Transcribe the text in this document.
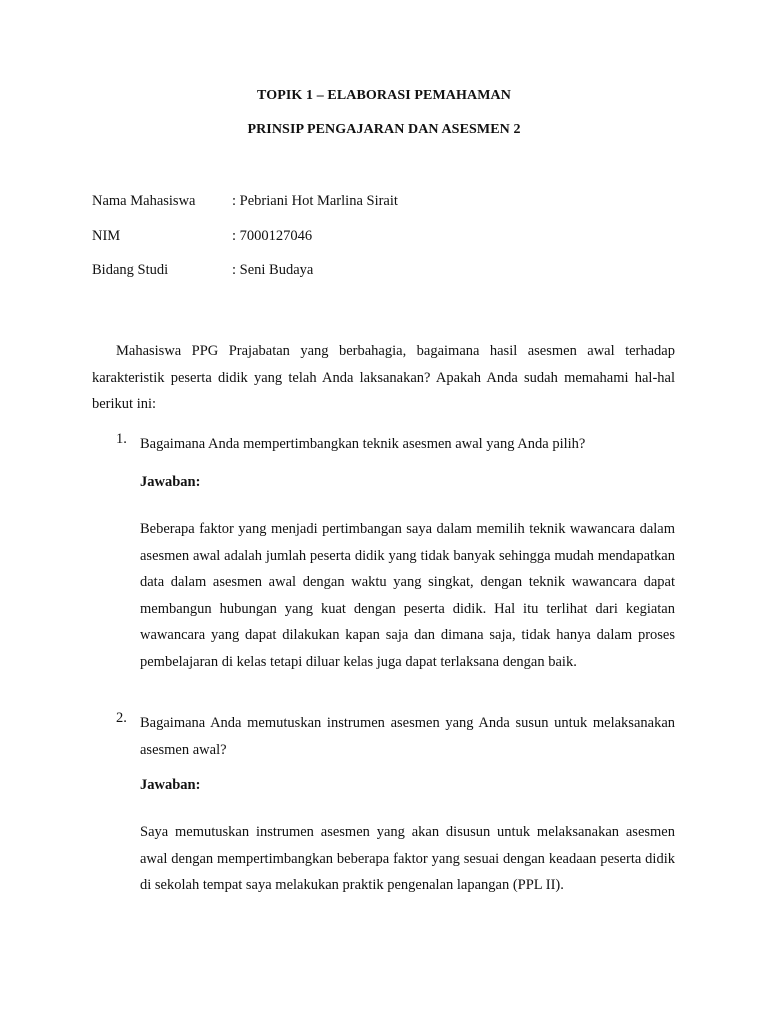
TOPIK 1 – ELABORASI PEMAHAMAN
PRINSIP PENGAJARAN DAN ASESMEN 2
Nama Mahasiswa	: Pebriani Hot Marlina Sirait
NIM	: 7000127046
Bidang Studi	: Seni Budaya

Mahasiswa PPG Prajabatan yang berbahagia, bagaimana hasil asesmen awal terhadap karakteristik peserta didik yang telah Anda laksanakan? Apakah Anda sudah memahami hal-hal berikut ini:

1. Bagaimana Anda mempertimbangkan teknik asesmen awal yang Anda pilih?

Jawaban:

Beberapa faktor yang menjadi pertimbangan saya dalam memilih teknik wawancara dalam asesmen awal adalah jumlah peserta didik yang tidak banyak sehingga mudah mendapatkan data dalam asesmen awal dengan waktu yang singkat, dengan teknik wawancara dapat membangun hubungan yang kuat dengan peserta didik. Hal itu terlihat dari kegiatan wawancara yang dapat dilakukan kapan saja dan dimana saja, tidak hanya dalam proses pembelajaran di kelas tetapi diluar kelas juga dapat terlaksana dengan baik.

2. Bagaimana Anda memutuskan instrumen asesmen yang Anda susun untuk melaksanakan asesmen awal?

Jawaban:

Saya memutuskan instrumen asesmen yang akan disusun untuk melaksanakan asesmen awal dengan mempertimbangkan beberapa faktor yang sesuai dengan keadaan peserta didik di sekolah tempat saya melakukan praktik pengenalan lapangan (PPL II).
